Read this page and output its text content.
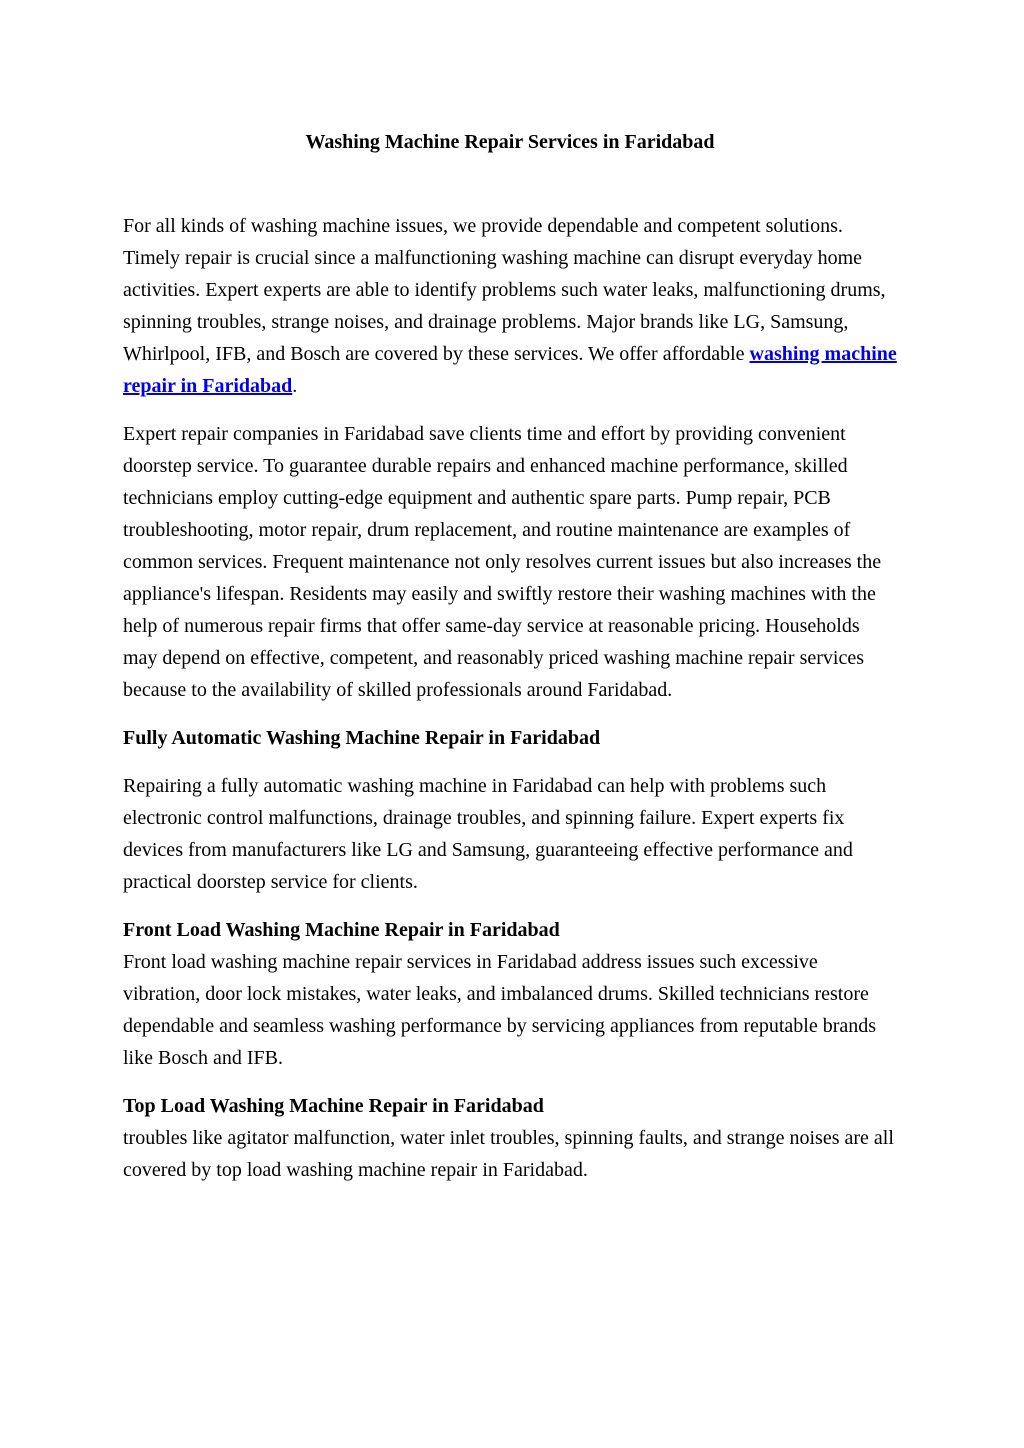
Washing Machine Repair Services in Faridabad

For all kinds of washing machine issues, we provide dependable and competent solutions. Timely repair is crucial since a malfunctioning washing machine can disrupt everyday home activities. Expert experts are able to identify problems such water leaks, malfunctioning drums, spinning troubles, strange noises, and drainage problems. Major brands like LG, Samsung, Whirlpool, IFB, and Bosch are covered by these services. We offer affordable washing machine repair in Faridabad.

Expert repair companies in Faridabad save clients time and effort by providing convenient doorstep service. To guarantee durable repairs and enhanced machine performance, skilled technicians employ cutting-edge equipment and authentic spare parts. Pump repair, PCB troubleshooting, motor repair, drum replacement, and routine maintenance are examples of common services. Frequent maintenance not only resolves current issues but also increases the appliance's lifespan. Residents may easily and swiftly restore their washing machines with the help of numerous repair firms that offer same-day service at reasonable pricing. Households may depend on effective, competent, and reasonably priced washing machine repair services because to the availability of skilled professionals around Faridabad.

Fully Automatic Washing Machine Repair in Faridabad

Repairing a fully automatic washing machine in Faridabad can help with problems such electronic control malfunctions, drainage troubles, and spinning failure. Expert experts fix devices from manufacturers like LG and Samsung, guaranteeing effective performance and practical doorstep service for clients.

Front Load Washing Machine Repair in Faridabad

Front load washing machine repair services in Faridabad address issues such excessive vibration, door lock mistakes, water leaks, and imbalanced drums. Skilled technicians restore dependable and seamless washing performance by servicing appliances from reputable brands like Bosch and IFB.

Top Load Washing Machine Repair in Faridabad

troubles like agitator malfunction, water inlet troubles, spinning faults, and strange noises are all covered by top load washing machine repair in Faridabad.
